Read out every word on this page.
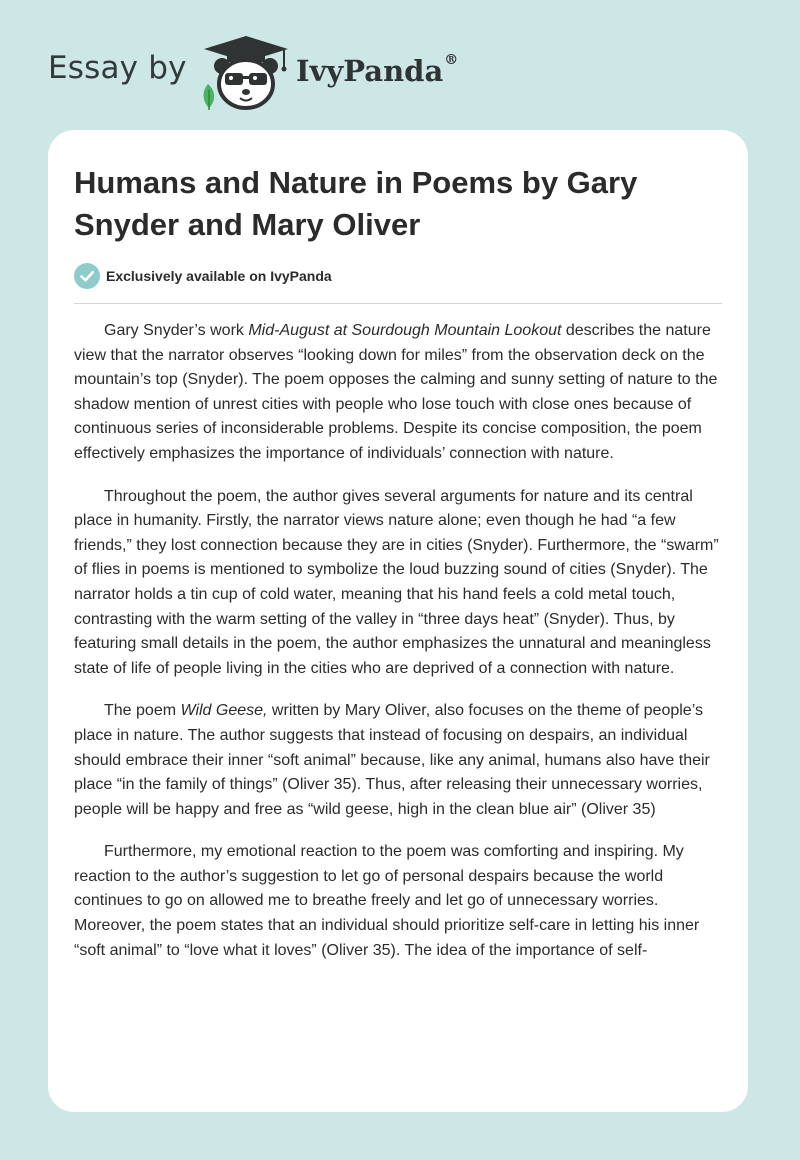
Essay by	IvyPanda®
Humans and Nature in Poems by Gary Snyder and Mary Oliver
Exclusively available on IvyPanda

Gary Snyder’s work Mid-August at Sourdough Mountain Lookout describes the nature view that the narrator observes “looking down for miles” from the observation deck on the mountain’s top (Snyder). The poem opposes the calming and sunny setting of nature to the shadow mention of unrest cities with people who lose touch with close ones because of continuous series of inconsiderable problems. Despite its concise composition, the poem effectively emphasizes the importance of individuals’ connection with nature.

Throughout the poem, the author gives several arguments for nature and its central place in humanity. Firstly, the narrator views nature alone; even though he had “a few friends,” they lost connection because they are in cities (Snyder). Furthermore, the “swarm” of flies in poems is mentioned to symbolize the loud buzzing sound of cities (Snyder). The narrator holds a tin cup of cold water, meaning that his hand feels a cold metal touch, contrasting with the warm setting of the valley in “three days heat” (Snyder). Thus, by featuring small details in the poem, the author emphasizes the unnatural and meaningless state of life of people living in the cities who are deprived of a connection with nature.

The poem Wild Geese, written by Mary Oliver, also focuses on the theme of people’s place in nature. The author suggests that instead of focusing on despairs, an individual should embrace their inner “soft animal” because, like any animal, humans also have their place “in the family of things” (Oliver 35). Thus, after releasing their unnecessary worries, people will be happy and free as “wild geese, high in the clean blue air” (Oliver 35)

Furthermore, my emotional reaction to the poem was comforting and inspiring. My reaction to the author’s suggestion to let go of personal despairs because the world continues to go on allowed me to breathe freely and let go of unnecessary worries. Moreover, the poem states that an individual should prioritize self-care in letting his inner “soft animal” to “love what it loves” (Oliver 35). The idea of the importance of self-
